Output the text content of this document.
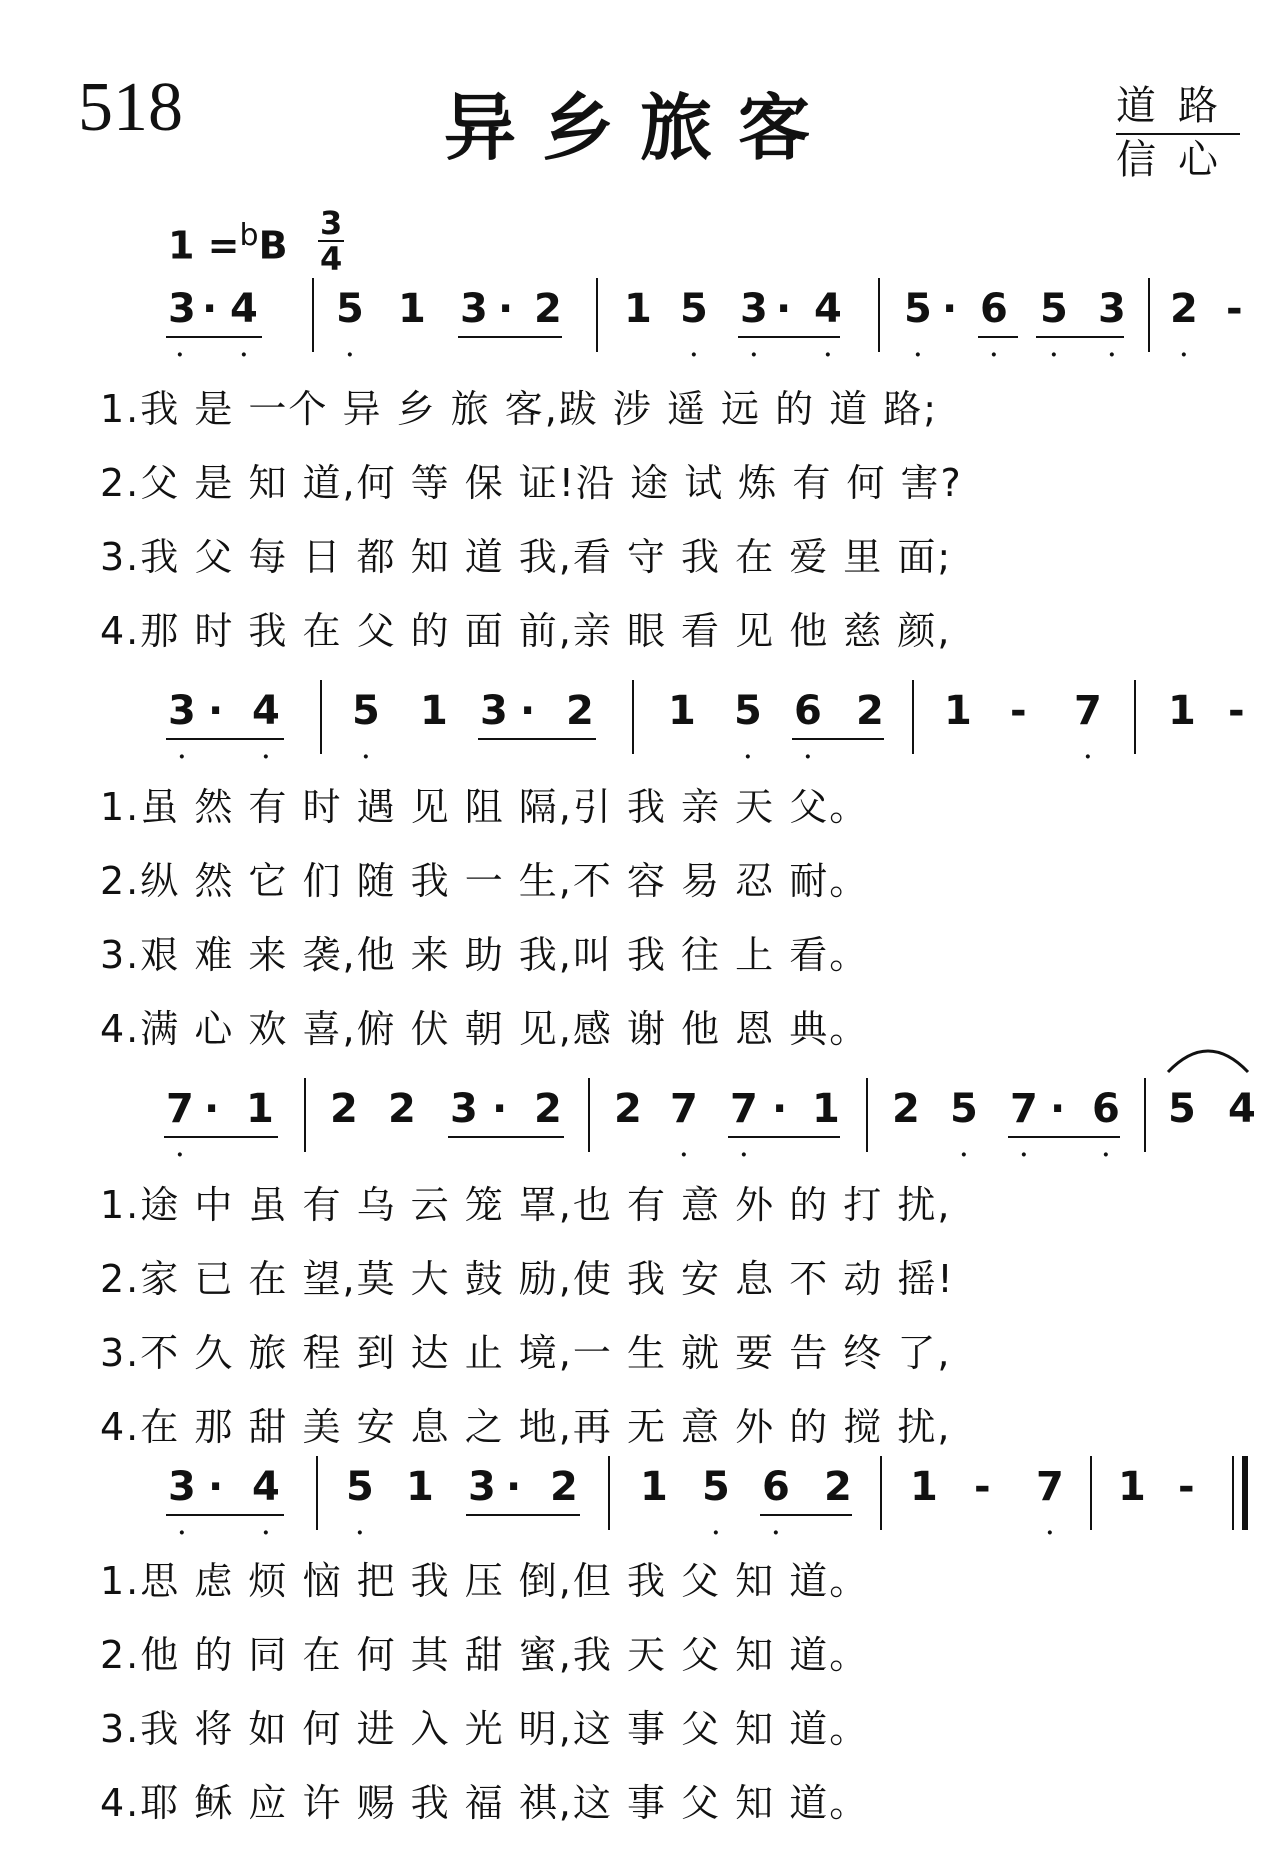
518	异乡旅客	道路
信心
1 =$^b$B
3
4
3 · 4
·	·
5 1 3 · 2
·
1 5 3 · 4
· ·	·
5 · 6 5 3
·	· · ·
2 -
·
1.我 是 一个 异 乡 旅 客,跋 涉 遥 远 的 道 路;
2.父 是 知 道,何 等 保 证!沿 途 试 炼 有 何 害?
3.我 父 每 日 都 知 道 我,看 守 我 在 爱 里 面;
4.那 时 我 在 父 的 面 前,亲 眼 看 见 他 慈 颜,
3 · 4
·	·
5 1 3 · 2
·
1 5 6 2
· ·
1 - 7
·
1 -
1.虽 然 有 时 遇 见 阻 隔,引 我 亲 天 父。
2.纵 然 它 们 随 我 一 生,不 容 易 忍 耐。
3.艰 难 来 袭,他 来 助 我,叫 我 往 上 看。
4.满 心 欢 喜,俯 伏 朝 见,感 谢 他 恩 典。
7 · 1
·
2 2 3 · 2 2 7 7 · 1
· ·
2 5 7 · 6
· ·	·
5 4
1.途 中 虽 有 乌 云 笼 罩,也 有 意 外 的 打 扰,
2.家 已 在 望,莫 大 鼓 励,使 我 安 息 不 动 摇!
3.不 久 旅 程 到 达 止 境,一 生 就 要 告 终 了,
4.在 那 甜 美 安 息 之 地,再 无 意 外 的 搅 扰,
3 · 4
·	·
5 1 3 · 2
·
1 5 6 2
· ·
1 - 7
·
1 -
1.思 虑 烦 恼 把 我 压 倒,但 我 父 知 道。
2.他 的 同 在 何 其 甜 蜜,我 天 父 知 道。
3.我 将 如 何 进 入 光 明,这 事 父 知 道。
4.耶 稣 应 许 赐 我 福 祺,这 事 父 知 道。
